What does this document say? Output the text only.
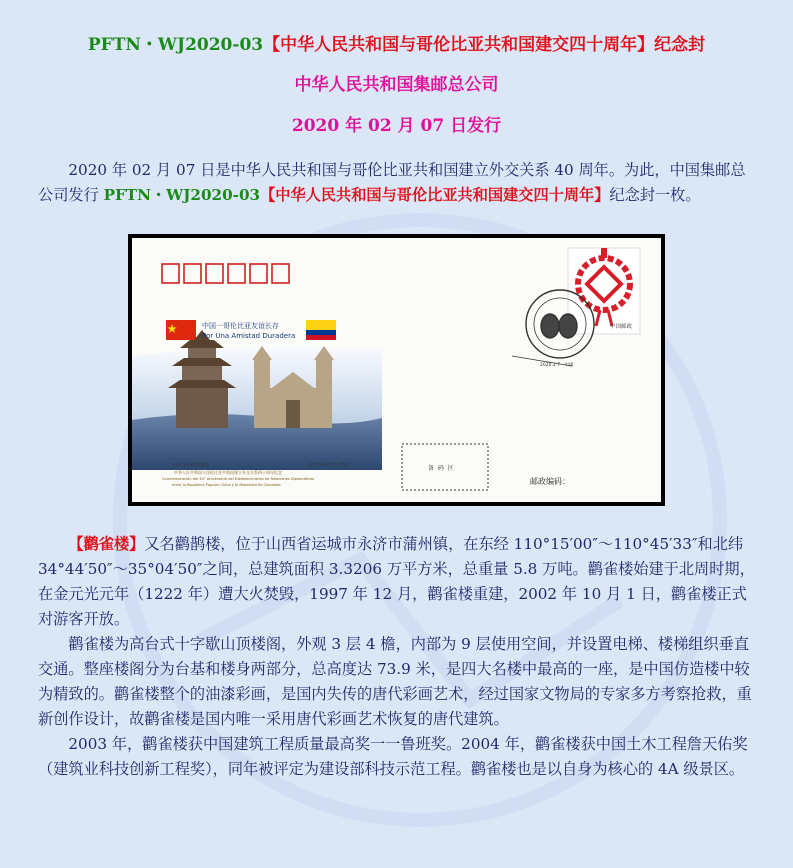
PFTN・WJ2020-03【中华人民共和国与哥伦比亚共和国建交四十周年】纪念封
中华人民共和国集邮总公司
2020 年 02 月 07 日发行

2020 年 02 月 07 日是中华人民共和国与哥伦比亚共和国建立外交关系 40 周年。为此，中国集邮总公司发行 PFTN・WJ2020-03【中华人民共和国与哥伦比亚共和国建交四十周年】纪念封一枚。

中国一哥伦比亚友谊长存
Por Una Amistad Duradera
中国邮政
2020.2.7 · 中国
中国·山西永济鹳雀楼	哥伦比亚·波哥大大教堂
中华人民共和国与哥伦比亚共和国建立外交关系四十周年纪念
Conmemoración del 40° Aniversario del Establecimiento de Relaciones Diplomáticas
entre la República Popular China y la República de Colombia
备  码  区
邮政编码：

【鹳雀楼】又名鹳鹊楼，位于山西省运城市永济市蒲州镇，在东经 110°15′00″～110°45′33″和北纬 34°44′50″～35°04′50″之间，总建筑面积 3.3206 万平方米，总重量 5.8 万吨。鹳雀楼始建于北周时期，在金元光元年（1222 年）遭大火焚毁，1997 年 12 月，鹳雀楼重建，2002 年 10 月 1 日，鹳雀楼正式对游客开放。

鹳雀楼为高台式十字歇山顶楼阁，外观 3 层 4 檐，内部为 9 层使用空间，并设置电梯、楼梯组织垂直交通。整座楼阁分为台基和楼身两部分，总高度达 73.9 米，是四大名楼中最高的一座，是中国仿造楼中较为精致的。鹳雀楼整个的油漆彩画，是国内失传的唐代彩画艺术，经过国家文物局的专家多方考察抢救，重新创作设计，故鹳雀楼是国内唯一采用唐代彩画艺术恢复的唐代建筑。

2003 年，鹳雀楼获中国建筑工程质量最高奖一一鲁班奖。2004 年，鹳雀楼获中国土木工程詹天佑奖（建筑业科技创新工程奖），同年被评定为建设部科技示范工程。鹳雀楼也是以自身为核心的 4A 级景区。
